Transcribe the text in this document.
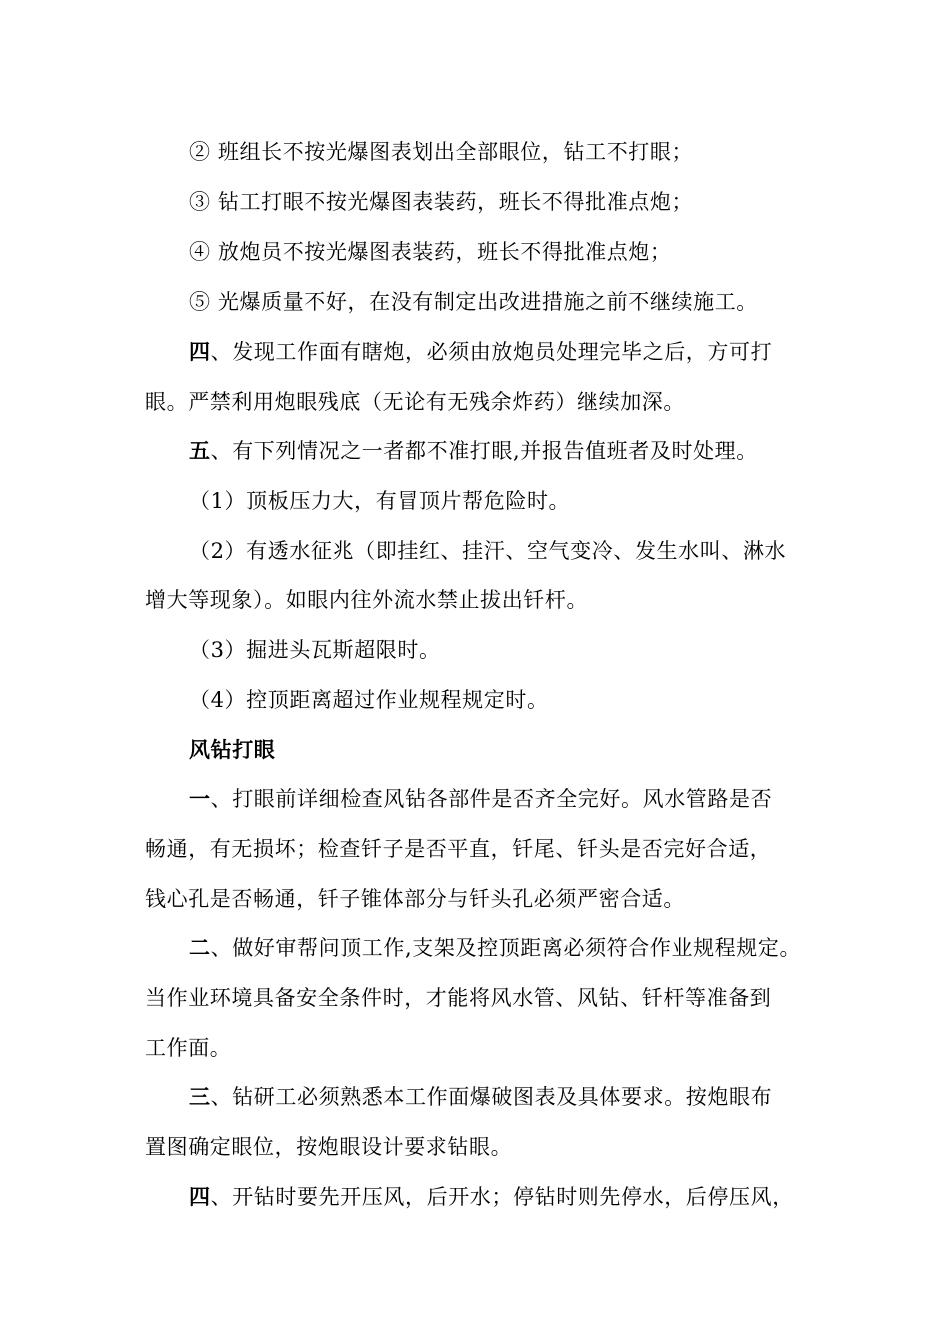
② 班组长不按光爆图表划出全部眼位，钻工不打眼；
③ 钻工打眼不按光爆图表装药，班长不得批准点炮；
④ 放炮员不按光爆图表装药，班长不得批准点炮；
⑤ 光爆质量不好，在没有制定出改进措施之前不继续施工。
四、发现工作面有瞎炮，必须由放炮员处理完毕之后，方可打
眼。严禁利用炮眼残底（无论有无残余炸药）继续加深。
五、有下列情况之一者都不准打眼,并报告值班者及时处理。
（1）顶板压力大，有冒顶片帮危险时。
（2）有透水征兆（即挂红、挂汗、空气变冷、发生水叫、淋水
增大等现象）。如眼内往外流水禁止拔出钎杆。
（3）掘进头瓦斯超限时。
（4）控顶距离超过作业规程规定时。
风钻打眼
一、打眼前详细检查风钻各部件是否齐全完好。风水管路是否
畅通，有无损坏；检查钎子是否平直，钎尾、钎头是否完好合适，
钱心孔是否畅通，钎子锥体部分与钎头孔必须严密合适。
二、做好审帮问顶工作,支架及控顶距离必须符合作业规程规定。
当作业环境具备安全条件时，才能将风水管、风钻、钎杆等准备到
工作面。
三、钻研工必须熟悉本工作面爆破图表及具体要求。按炮眼布
置图确定眼位，按炮眼设计要求钻眼。
四、开钻时要先开压风，后开水；停钻时则先停水，后停压风，
